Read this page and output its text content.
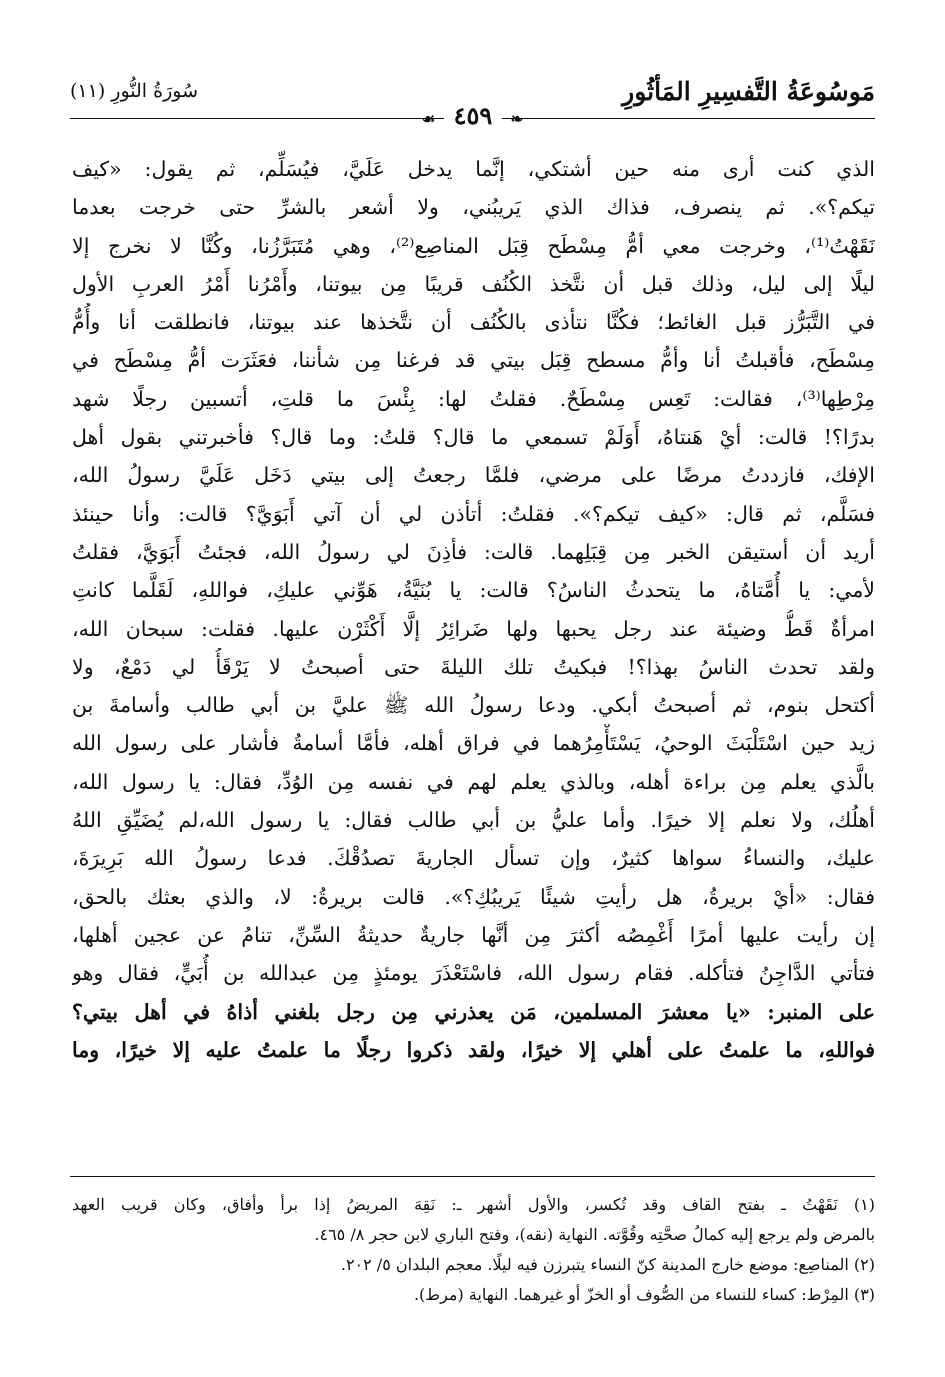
مَوسُوعَةُ التَّفسِيرِ المَأثُورِ
سُورَةُ النُّورِ (١١)
❧ ٤٥٩ ☙
الذي كنت أرى منه حين أشتكي، إنَّما يدخل عَلَيَّ، فيُسَلِّم، ثم يقول: «كيف
تيكم؟». ثم ينصرف، فذاك الذي يَريبُني، ولا أشعر بالشرِّ حتى خرجت بعدما
نَقَهْتُ⁽¹⁾، وخرجت معي أمُّ مِسْطَح قِبَل المناصِع⁽²⁾، وهي مُتَبَرَّزُنا، وكُنَّا لا نخرج إلا
ليلًا إلى ليل، وذلك قبل أن نتَّخذ الكُنُف قريبًا مِن بيوتنا، وأَمْرُنا أَمْرُ العربِ الأول
في التَّبَرُّز قبل الغائط؛ فكُنَّا نتأذى بالكُنُف أن نتَّخذها عند بيوتنا، فانطلقت أنا وأُمُّ
مِسْطَح، فأقبلتُ أنا وأمُّ مسطح قِبَل بيتي قد فرغنا مِن شأننا، فعَثَرَت أمُّ مِسْطَح في
مِرْطِها⁽³⁾، فقالت: تَعِس مِسْطَحٌ. فقلتُ لها: بِئْسَ ما قلتِ، أتسبين رجلًا شهد
بدرًا؟! قالت: أيْ هَنتاهُ، أَوَلَمْ تسمعي ما قال؟ قلتُ: وما قال؟ فأخبرتني بقول أهل
الإفك، فازددتُ مرضًا على مرضي، فلمَّا رجعتُ إلى بيتي دَخَل عَلَيَّ رسولُ الله،
فسَلَّم، ثم قال: «كيف تيكم؟». فقلتُ: أتأذن لي أن آتي أَبَوَيَّ؟ قالت: وأنا حينئذ
أريد أن أستيقن الخبر مِن قِبَلِهما. قالت: فأذِنَ لي رسولُ الله، فجئتُ أَبَوَيَّ، فقلتُ
لأمي: يا أُمَّتاهُ، ما يتحدثُ الناسُ؟ قالت: يا بُنَيَّةُ، هَوِّني عليكِ، فواللهِ، لَقَلَّما كانتِ
امرأةٌ قَطُّ وضيئة عند رجل يحبها ولها ضَرائِرُ إلَّا أَكْثَرْن عليها. فقلت: سبحان الله،
ولقد تحدث الناسُ بهذا؟! فبكيتُ تلك الليلةَ حتى أصبحتُ لا يَرْقَأُ لي دَمْعٌ، ولا
أكتحل بنوم، ثم أصبحتُ أبكي. ودعا رسولُ الله ﷺ عليَّ بن أبي طالب وأسامةَ بن
زيد حين اسْتَلْبَثَ الوحيُ، يَسْتَأْمِرُهما في فراق أهله، فأمَّا أسامةُ فأشار على رسول الله
بالَّذي يعلم مِن براءة أهله، وبالذي يعلم لهم في نفسه مِن الوُدِّ، فقال: يا رسول الله،
أهلُك، ولا نعلم إلا خيرًا. وأما عليُّ بن أبي طالب فقال: يا رسول الله،لم يُضَيِّقِ اللهُ
عليك، والنساءُ سواها كثيرٌ، وإن تسأل الجاريةَ تصدُقْكَ. فدعا رسولُ الله بَرِيرَةَ،
فقال: «أيْ بريرةُ، هل رأيتِ شيئًا يَريبُكِ؟». قالت بريرةُ: لا، والذي بعثك بالحق،
إن رأيت عليها أمرًا أَغْمِصُه أكثرَ مِن أنَّها جاريةٌ حديثةُ السِّنِّ، تنامُ عن عجين أهلها،
فتأتي الدَّاجِنُ فتأكله. فقام رسول الله، فاسْتَعْذَرَ يومئذٍ مِن عبدالله بن أُبَيٍّ، فقال وهو
على المنبر: «يا معشرَ المسلمين، مَن يعذرني مِن رجل بلغني أذاهُ في أهل بيتي؟
فواللهِ، ما علمتُ على أهلي إلا خيرًا، ولقد ذكروا رجلًا ما علمتُ عليه إلا خيرًا، وما
(١) نَقَهْتُ ـ بفتح القاف وقد تُكسر، والأول أشهر ـ: نَقِهَ المريضُ إذا برأ وأفاق، وكان قريب العهد
بالمرض ولم يرجع إليه كمالُ صحَّتِه وقُوَّته. النهاية (نقه)، وفتح الباري لابن حجر ٨/ ٤٦٥.
(٢) المناصِع: موضع خارج المدينة كنّ النساء يتبرزن فيه ليلًا. معجم البلدان ٥/ ٢٠٢.
(٣) المِرْط: كساء للنساء من الصُّوف أو الخزّ أو غيرهما. النهاية (مرط).
